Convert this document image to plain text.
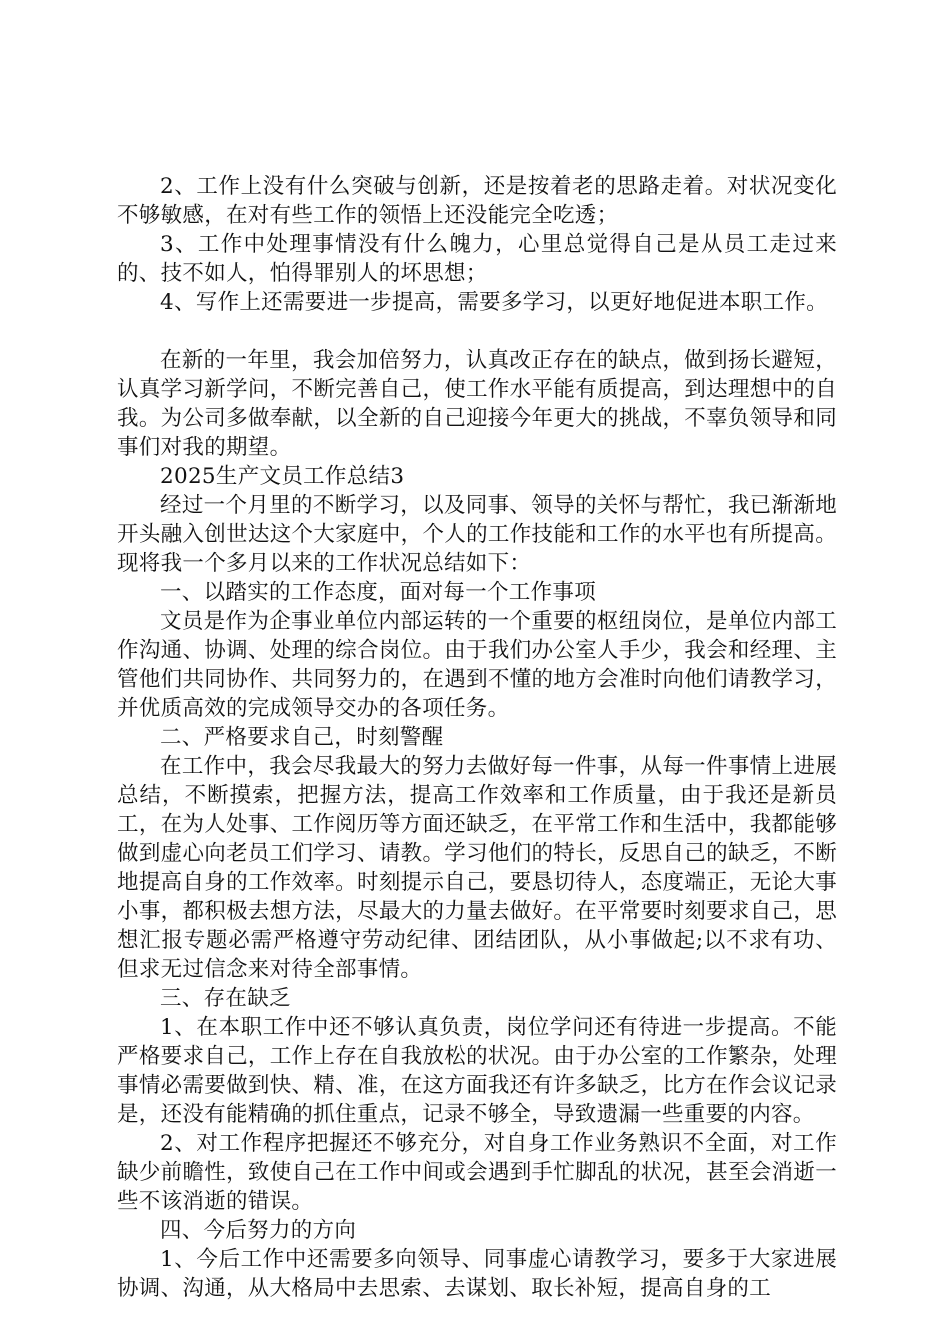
2、工作上没有什么突破与创新，还是按着老的思路走着。对状况变化不够敏感，在对有些工作的领悟上还没能完全吃透；

3、工作中处理事情没有什么魄力，心里总觉得自己是从员工走过来的、技不如人，怕得罪别人的坏思想；

4、写作上还需要进一步提高，需要多学习，以更好地促进本职工作。

在新的一年里，我会加倍努力，认真改正存在的缺点，做到扬长避短，认真学习新学问，不断完善自己，使工作水平能有质提高，到达理想中的自我。为公司多做奉献，以全新的自己迎接今年更大的挑战，不辜负领导和同事们对我的期望。

2025生产文员工作总结3

经过一个月里的不断学习，以及同事、领导的关怀与帮忙，我已渐渐地开头融入创世达这个大家庭中，个人的工作技能和工作的水平也有所提高。现将我一个多月以来的工作状况总结如下：

一、以踏实的工作态度，面对每一个工作事项

文员是作为企事业单位内部运转的一个重要的枢纽岗位，是单位内部工作沟通、协调、处理的综合岗位。由于我们办公室人手少，我会和经理、主管他们共同协作、共同努力的，在遇到不懂的地方会准时向他们请教学习，并优质高效的完成领导交办的各项任务。

二、严格要求自己，时刻警醒

在工作中，我会尽我最大的努力去做好每一件事，从每一件事情上进展总结，不断摸索，把握方法，提高工作效率和工作质量，由于我还是新员工，在为人处事、工作阅历等方面还缺乏，在平常工作和生活中，我都能够做到虚心向老员工们学习、请教。学习他们的特长，反思自己的缺乏，不断地提高自身的工作效率。时刻提示自己，要恳切待人，态度端正，无论大事小事，都积极去想方法，尽最大的力量去做好。在平常要时刻要求自己，思想汇报专题必需严格遵守劳动纪律、团结团队，从小事做起;以不求有功、但求无过信念来对待全部事情。

三、存在缺乏

1、在本职工作中还不够认真负责，岗位学问还有待进一步提高。不能严格要求自己，工作上存在自我放松的状况。由于办公室的工作繁杂，处理事情必需要做到快、精、准，在这方面我还有许多缺乏，比方在作会议记录是，还没有能精确的抓住重点，记录不够全，导致遗漏一些重要的内容。

2、对工作程序把握还不够充分，对自身工作业务熟识不全面，对工作缺少前瞻性，致使自己在工作中间或会遇到手忙脚乱的状况，甚至会消逝一些不该消逝的错误。

四、今后努力的方向

1、今后工作中还需要多向领导、同事虚心请教学习，要多于大家进展协调、沟通，从大格局中去思索、去谋划、取长补短，提高自身的工
